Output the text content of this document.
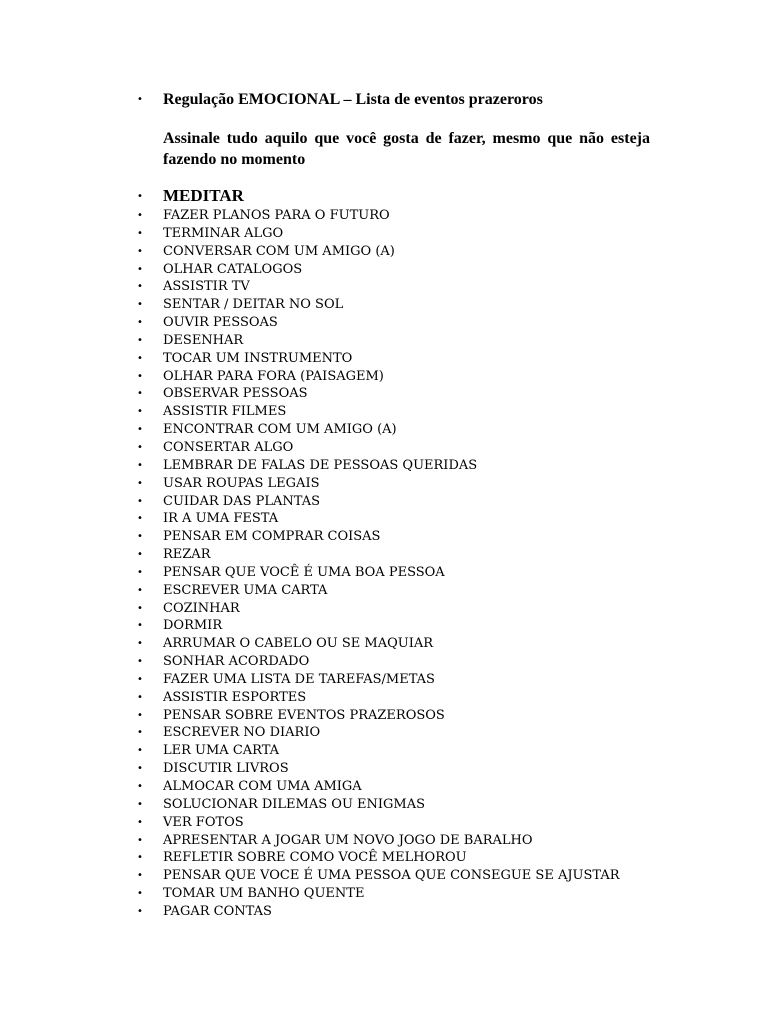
• Regulação EMOCIONAL – Lista de eventos prazeroros

Assinale tudo aquilo que você gosta de fazer, mesmo que não esteja fazendo no momento

• MEDITAR
• FAZER PLANOS PARA O FUTURO
• TERMINAR ALGO
• CONVERSAR COM UM AMIGO (A)
• OLHAR CATALOGOS
• ASSISTIR TV
• SENTAR / DEITAR NO SOL
• OUVIR PESSOAS
• DESENHAR
• TOCAR UM INSTRUMENTO
• OLHAR PARA FORA (PAISAGEM)
• OBSERVAR PESSOAS
• ASSISTIR FILMES
• ENCONTRAR COM UM AMIGO (A)
• CONSERTAR ALGO
• LEMBRAR DE FALAS DE PESSOAS QUERIDAS
• USAR ROUPAS LEGAIS
• CUIDAR DAS PLANTAS
• IR A UMA FESTA
• PENSAR EM COMPRAR COISAS
• REZAR
• PENSAR QUE VOCÊ É UMA BOA PESSOA
• ESCREVER UMA CARTA
• COZINHAR
• DORMIR
• ARRUMAR O CABELO OU SE MAQUIAR
• SONHAR ACORDADO
• FAZER UMA LISTA DE TAREFAS/METAS
• ASSISTIR ESPORTES
• PENSAR SOBRE EVENTOS PRAZEROSOS
• ESCREVER NO DIARIO
• LER UMA CARTA
• DISCUTIR LIVROS
• ALMOCAR COM UMA AMIGA
• SOLUCIONAR DILEMAS OU ENIGMAS
• VER FOTOS
• APRESENTAR A JOGAR UM NOVO JOGO DE BARALHO
• REFLETIR SOBRE COMO VOCÊ MELHOROU
• PENSAR QUE VOCE É UMA PESSOA QUE CONSEGUE SE AJUSTAR
• TOMAR UM BANHO QUENTE
• PAGAR CONTAS
